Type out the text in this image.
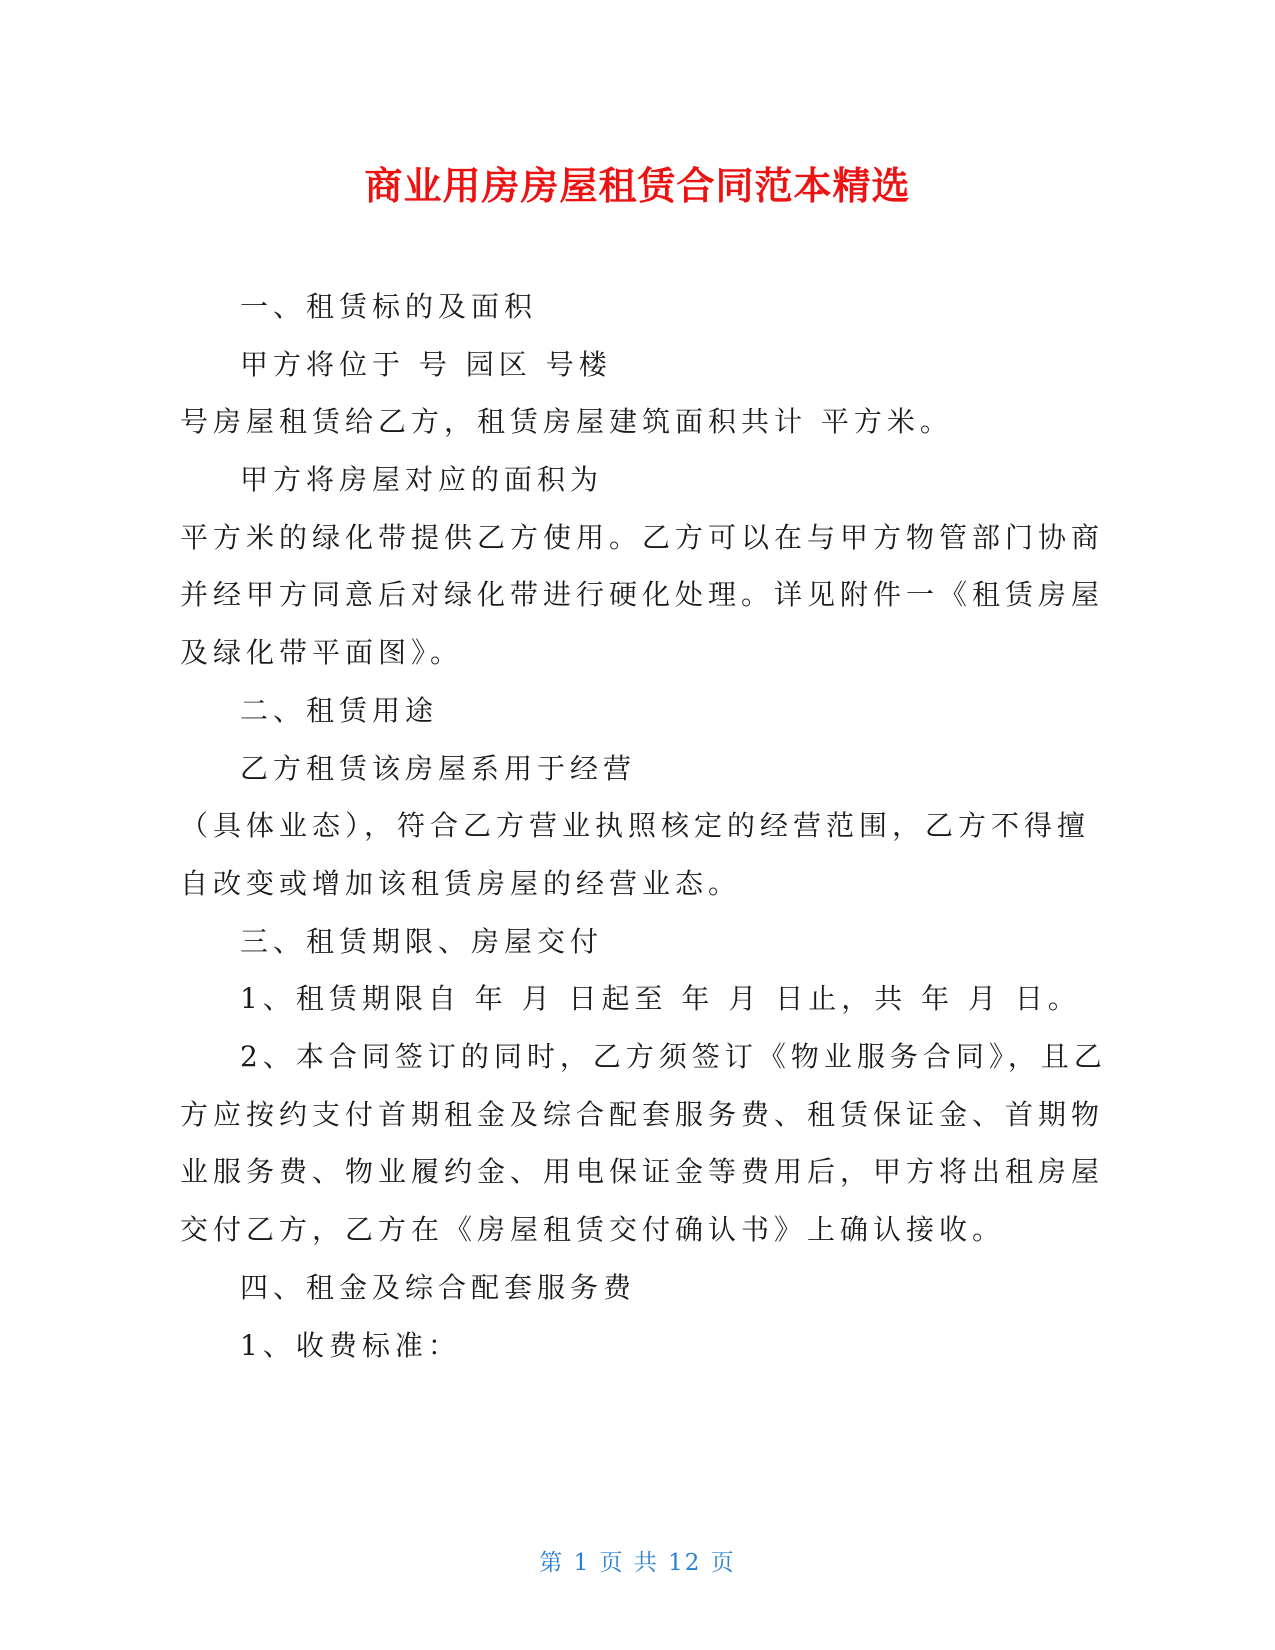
商业用房房屋租赁合同范本精选
一、租赁标的及面积
甲方将位于 号 园区 号楼
号房屋租赁给乙方，租赁房屋建筑面积共计 平方米。
甲方将房屋对应的面积为
平方米的绿化带提供乙方使用。乙方可以在与甲方物管部门协商
并经甲方同意后对绿化带进行硬化处理。详见附件一《租赁房屋
及绿化带平面图》。
二、租赁用途
乙方租赁该房屋系用于经营
（具体业态），符合乙方营业执照核定的经营范围，乙方不得擅
自改变或增加该租赁房屋的经营业态。
三、租赁期限、房屋交付
1、租赁期限自 年 月 日起至 年 月 日止，共 年 月 日。
2、本合同签订的同时，乙方须签订《物业服务合同》，且乙
方应按约支付首期租金及综合配套服务费、租赁保证金、首期物
业服务费、物业履约金、用电保证金等费用后，甲方将出租房屋
交付乙方，乙方在《房屋租赁交付确认书》上确认接收。
四、租金及综合配套服务费
1、收费标准：
第 1 页 共 12 页
